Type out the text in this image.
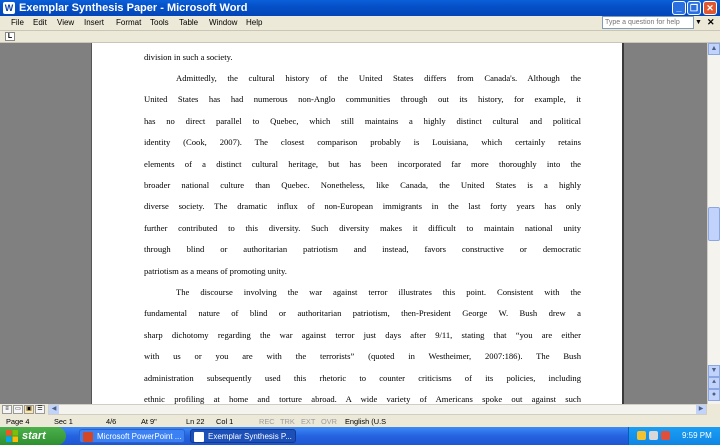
W Exemplar Synthesis Paper - Microsoft Word	_ ❐ ✕
File Edit View Insert Format Tools Table Window Help	Type a question for help	▼ ✕
L
division in such a society.
Admittedly, the cultural history of the United States differs from Canada's. Although the
United States has had numerous non-Anglo communities through out its history, for example, it
has no direct parallel to Quebec, which still maintains a highly distinct cultural and political
identity (Cook, 2007). The closest comparison probably is Louisiana, which certainly retains
elements of a distinct cultural heritage, but has been incorporated far more thoroughly into the
broader national culture than Quebec. Nonetheless, like Canada, the United States is a highly
diverse society. The dramatic influx of non-European immigrants in the last forty years has only
further contributed to this diversity. Such diversity makes it difficult to maintain national unity
through blind or authoritarian patriotism and instead, favors constructive or democratic
patriotism as a means of promoting unity.
The discourse involving the war against terror illustrates this point. Consistent with the
fundamental nature of blind or authoritarian patriotism, then-President George W. Bush drew a
sharp dichotomy regarding the war against terror just days after 9/11, stating that “you are either
with us or you are with the terrorists” (quoted in Westheimer, 2007:186). The Bush
administration subsequently used this rhetoric to counter criticisms of its policies, including
ethnic profiling at home and torture abroad. A wide variety of Americans spoke out against such
▲
▼
⯅
●
≡	▭ ▣ ☰	◀	▶
Page 4	Sec 1	4/6	At 9"	Ln 22 Col 1	REC TRK EXT OVR English (U.S
start	Microsoft PowerPoint ...	Exemplar Synthesis P...	9:59 PM
